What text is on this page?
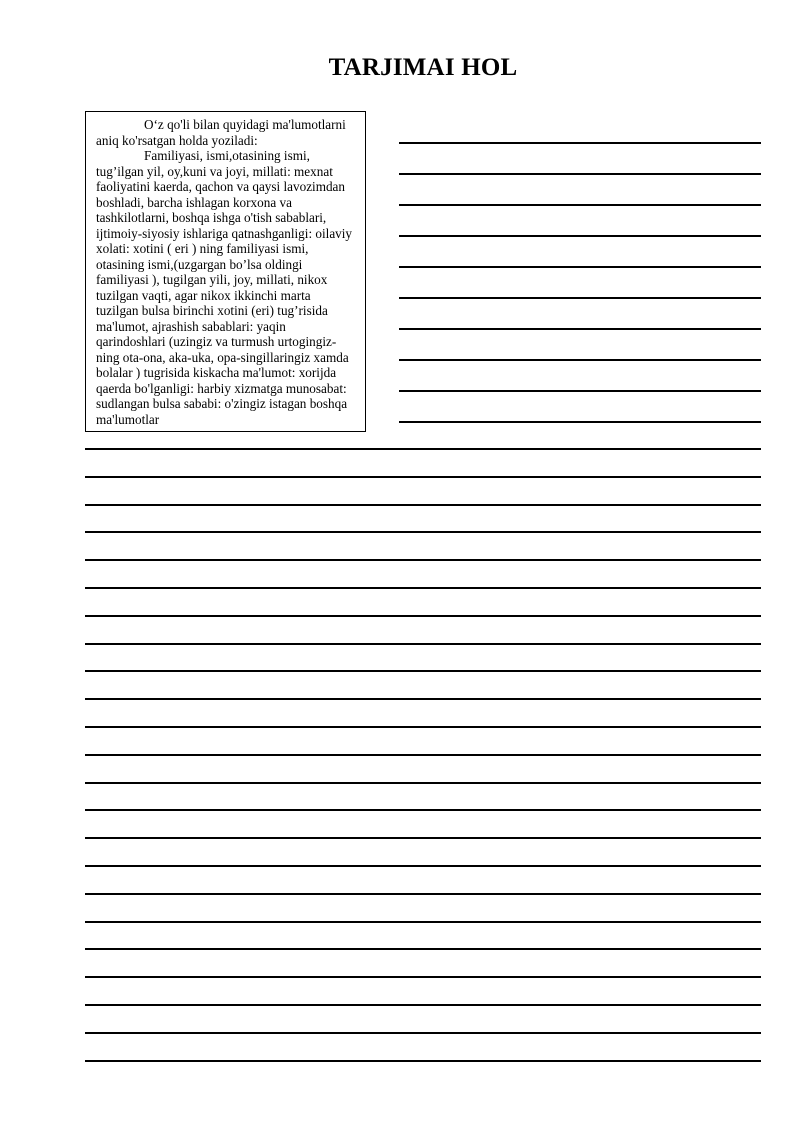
TARJIMAI HOL

O‘z qo'li bilan quyidagi ma'lumotlarni aniq ko'rsatgan holda yoziladi:

Familiyasi, ismi,otasining ismi, tug’ilgan yil, oy,kuni va joyi, millati: mexnat faoliyatini kaerda, qachon va qaysi lavozimdan boshladi, barcha ishlagan korxona va tashkilotlarni, boshqa ishga o'tish sabablari, ijtimoiy-siyosiy ishlariga qatnashganligi: oilaviy xolati: xotini ( eri ) ning familiyasi ismi, otasining ismi,(uzgargan bo’lsa oldingi familiyasi ), tugilgan yili, joy, millati, nikox tuzilgan vaqti, agar nikox ikkinchi marta tuzilgan bulsa birinchi xotini (eri) tug’risida ma'lumot, ajrashish sabablari: yaqin qarindoshlari (uzingiz va turmush urtogingiz-ning ota-ona, aka-uka, opa-singillaringiz xamda bolalar ) tugrisida kiskacha ma'lumot: xorijda qaerda bo'lganligi: harbiy xizmatga munosabat: sudlangan bulsa sababi: o'zingiz istagan boshqa ma'lumotlar
